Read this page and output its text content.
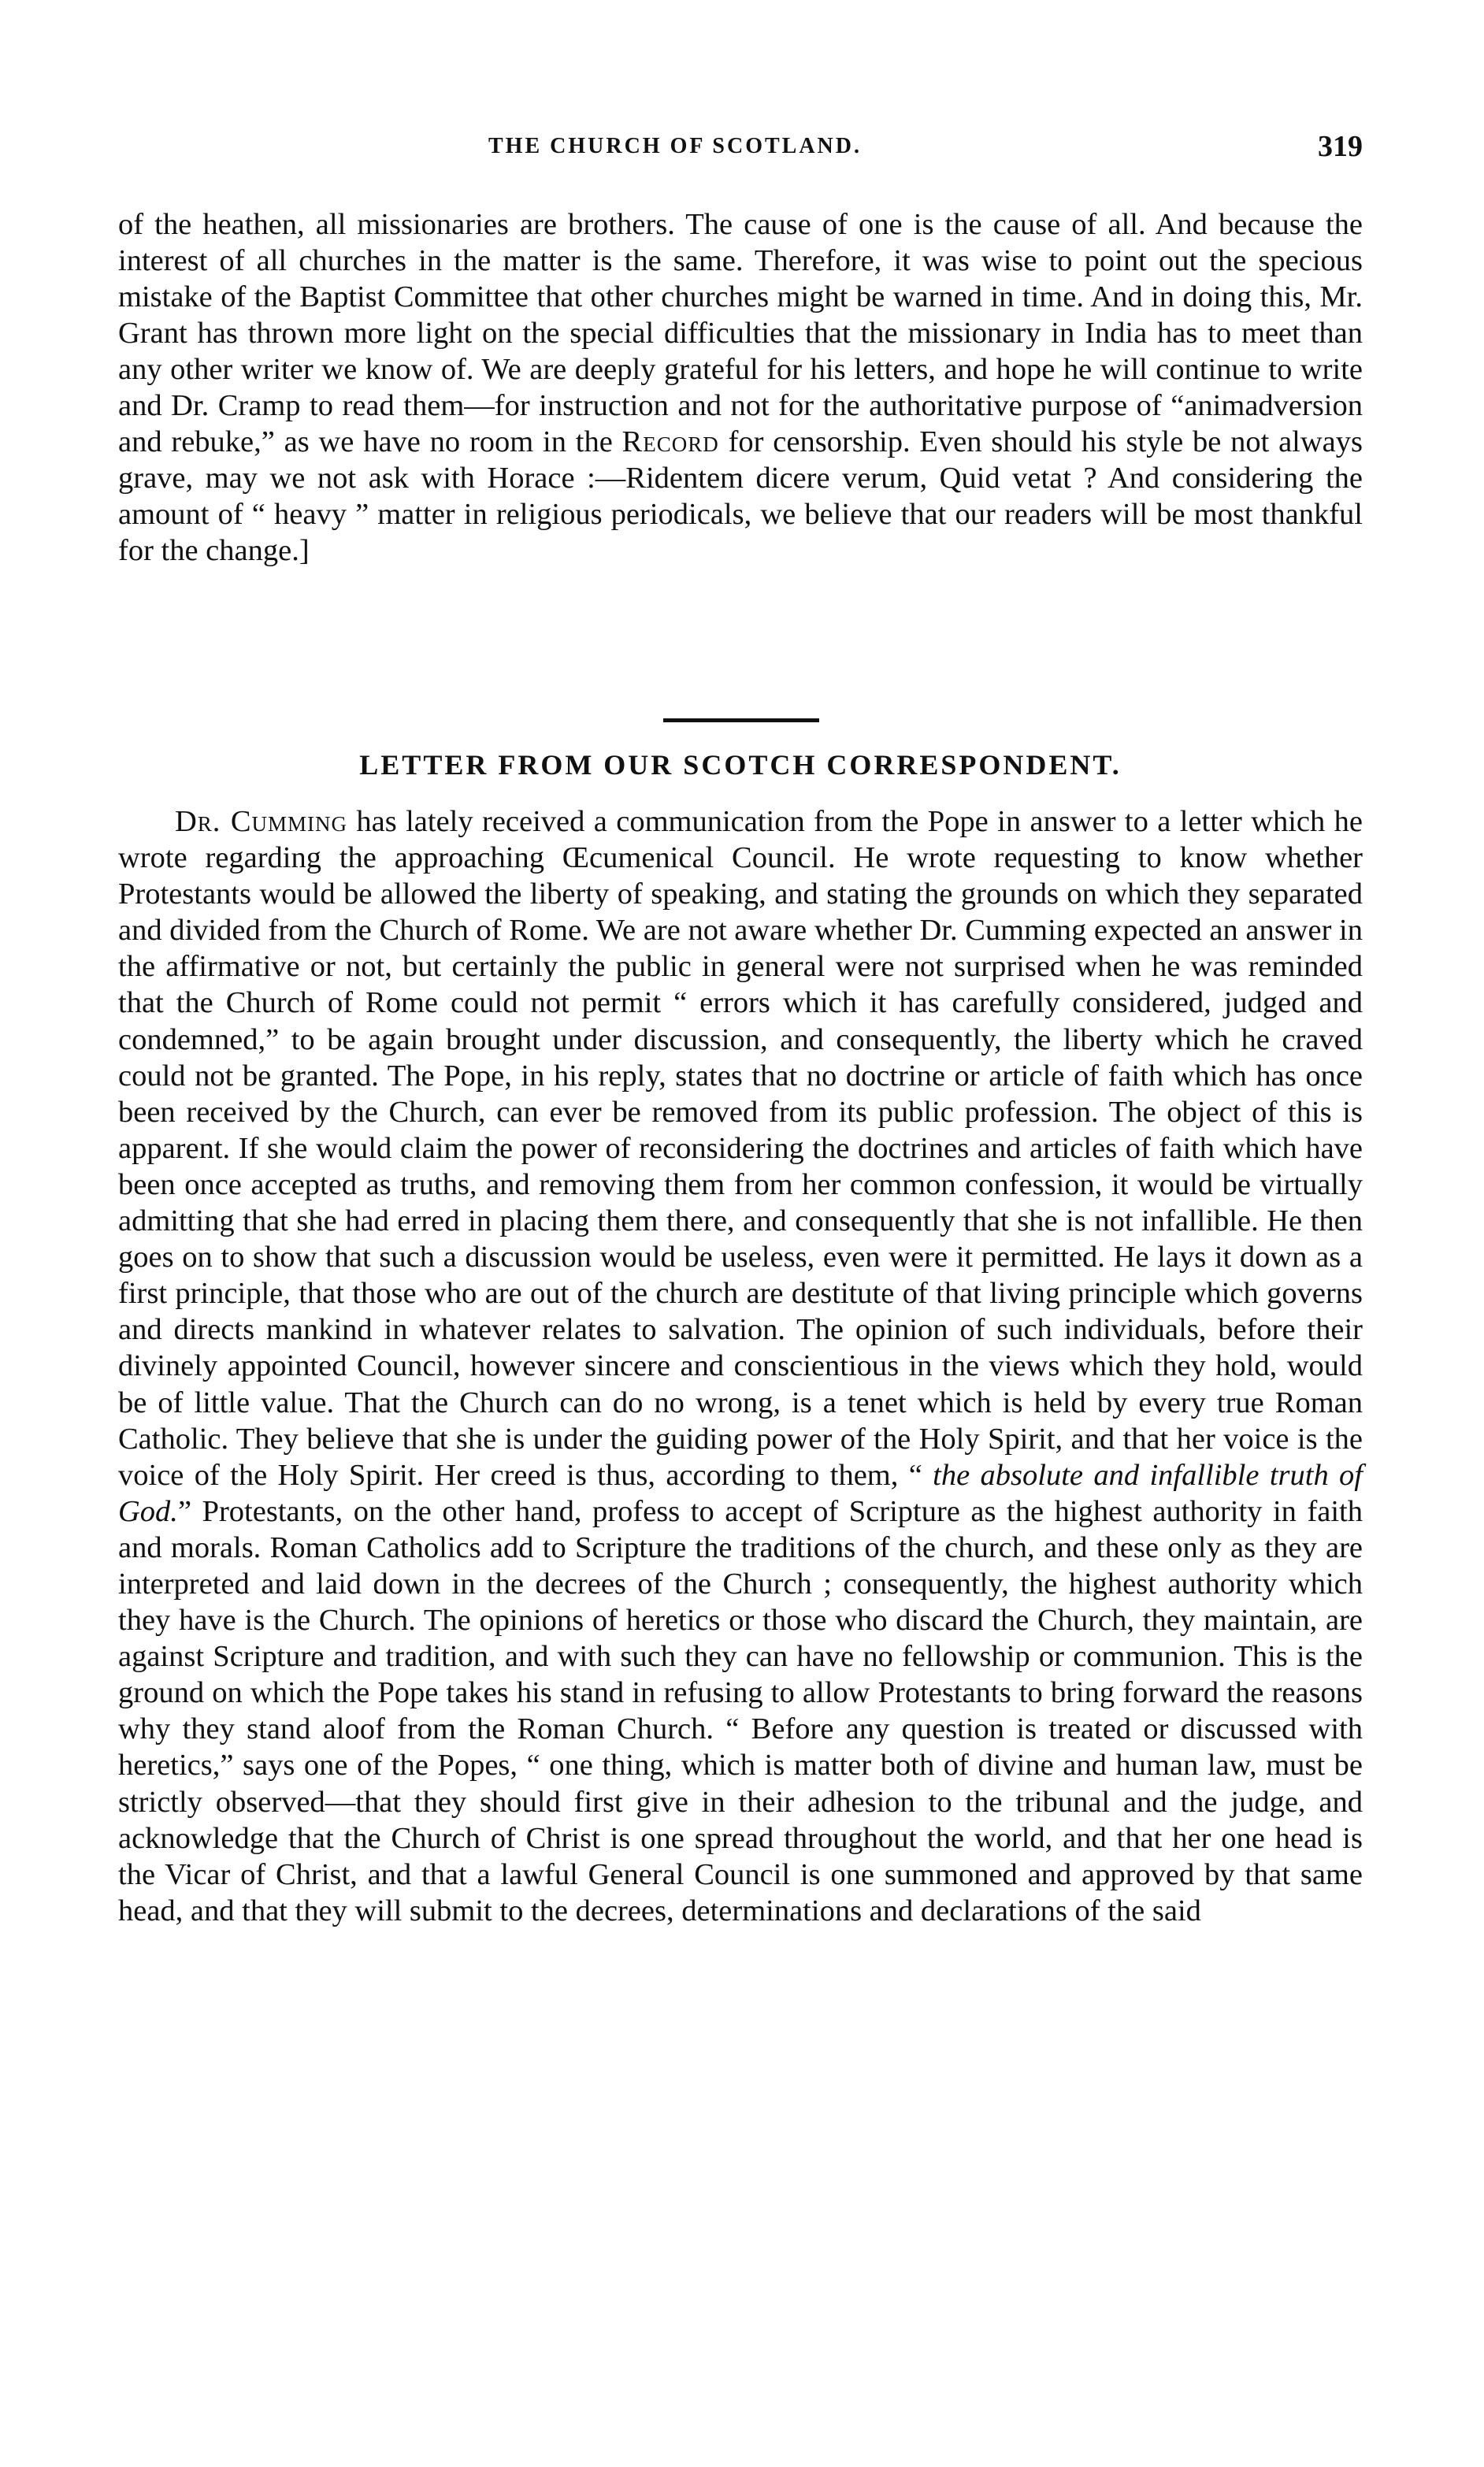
THE CHURCH OF SCOTLAND.	319

of the heathen, all missionaries are brothers. The cause of one is the cause of all. And because the interest of all churches in the matter is the same. Therefore, it was wise to point out the specious mistake of the Baptist Committee that other churches might be warned in time. And in doing this, Mr. Grant has thrown more light on the special difficulties that the missionary in India has to meet than any other writer we know of. We are deeply grateful for his letters, and hope he will continue to write and Dr. Cramp to read them—for instruction and not for the authoritative purpose of “animadversion and rebuke,” as we have no room in the Record for censorship. Even should his style be not always grave, may we not ask with Horace :—Ridentem dicere verum, Quid vetat ? And considering the amount of “ heavy ” matter in religious periodicals, we believe that our readers will be most thankful for the change.]

LETTER FROM OUR SCOTCH CORRESPONDENT.

Dr. Cumming has lately received a communication from the Pope in answer to a letter which he wrote regarding the approaching Œcumenical Council. He wrote requesting to know whether Protestants would be allowed the liberty of speaking, and stating the grounds on which they separated and divided from the Church of Rome. We are not aware whether Dr. Cumming expected an answer in the affirmative or not, but certainly the public in general were not surprised when he was reminded that the Church of Rome could not permit “ errors which it has carefully considered, judged and condemned,” to be again brought under discussion, and consequently, the liberty which he craved could not be granted. The Pope, in his reply, states that no doctrine or article of faith which has once been received by the Church, can ever be removed from its public profession. The object of this is apparent. If she would claim the power of reconsidering the doctrines and articles of faith which have been once accepted as truths, and removing them from her common confession, it would be virtually admitting that she had erred in placing them there, and consequently that she is not infallible. He then goes on to show that such a discussion would be useless, even were it permitted. He lays it down as a first principle, that those who are out of the church are destitute of that living principle which governs and directs mankind in whatever relates to salvation. The opinion of such individuals, before their divinely appointed Council, however sincere and conscientious in the views which they hold, would be of little value. That the Church can do no wrong, is a tenet which is held by every true Roman Catholic. They believe that she is under the guiding power of the Holy Spirit, and that her voice is the voice of the Holy Spirit. Her creed is thus, according to them, “ the absolute and infallible truth of God.” Protestants, on the other hand, profess to accept of Scripture as the highest authority in faith and morals. Roman Catholics add to Scripture the traditions of the church, and these only as they are interpreted and laid down in the decrees of the Church ; consequently, the highest authority which they have is the Church. The opinions of heretics or those who discard the Church, they maintain, are against Scripture and tradition, and with such they can have no fellowship or communion. This is the ground on which the Pope takes his stand in refusing to allow Protestants to bring forward the reasons why they stand aloof from the Roman Church. “ Before any question is treated or discussed with heretics,” says one of the Popes, “ one thing, which is matter both of divine and human law, must be strictly observed—that they should first give in their adhesion to the tribunal and the judge, and acknowledge that the Church of Christ is one spread throughout the world, and that her one head is the Vicar of Christ, and that a lawful General Council is one summoned and approved by that same head, and that they will submit to the decrees, determinations and declarations of the said
